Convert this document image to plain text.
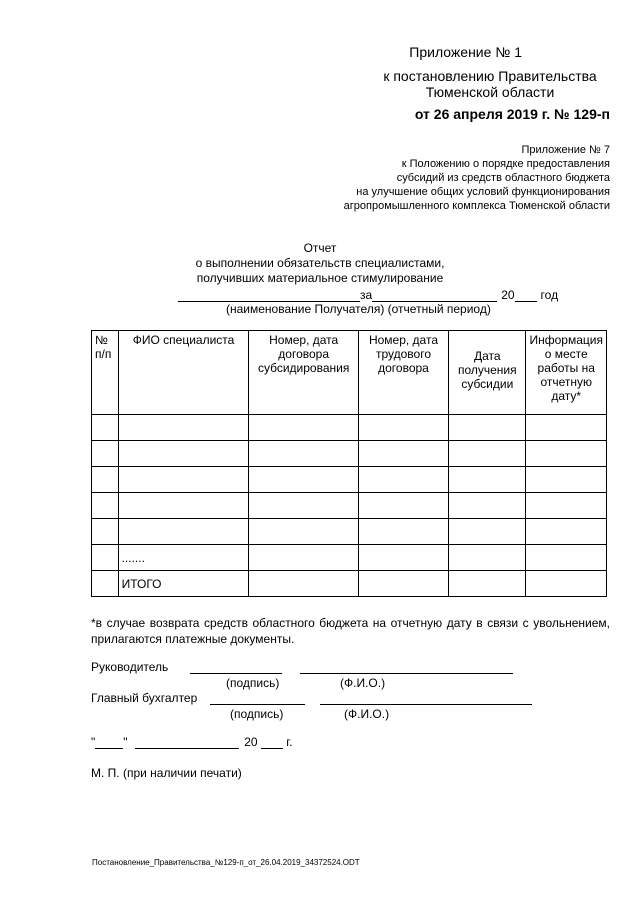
Приложение № 1
к постановлению Правительства Тюменской области
от 26 апреля 2019 г. № 129-п
Приложение № 7
к Положению о порядке предоставления
субсидий из средств областного бюджета
на улучшение общих условий функционирования
агропромышленного комплекса Тюменской области
Отчет
о выполнении обязательств специалистами,
получивших материальное стимулирование
за	20 год
(наименование Получателя) (отчетный период)
№ п/п	ФИО специалиста	Номер, дата договора субсидирования	Номер, дата трудового договора	Дата получения субсидии	Информация о месте работы на отчетную дату*

	.......				
	ИТОГО				
*в случае возврата средств областного бюджета на отчетную дату в связи с увольнением, прилагаются платежные документы.
Руководитель
(подпись)	(Ф.И.О.)
Главный бухгалтер
(подпись)	(Ф.И.О.)
" "	20 г.
М. П. (при наличии печати)
Постановление_Правительства_№129-п_от_26.04.2019_34372524.ODT
